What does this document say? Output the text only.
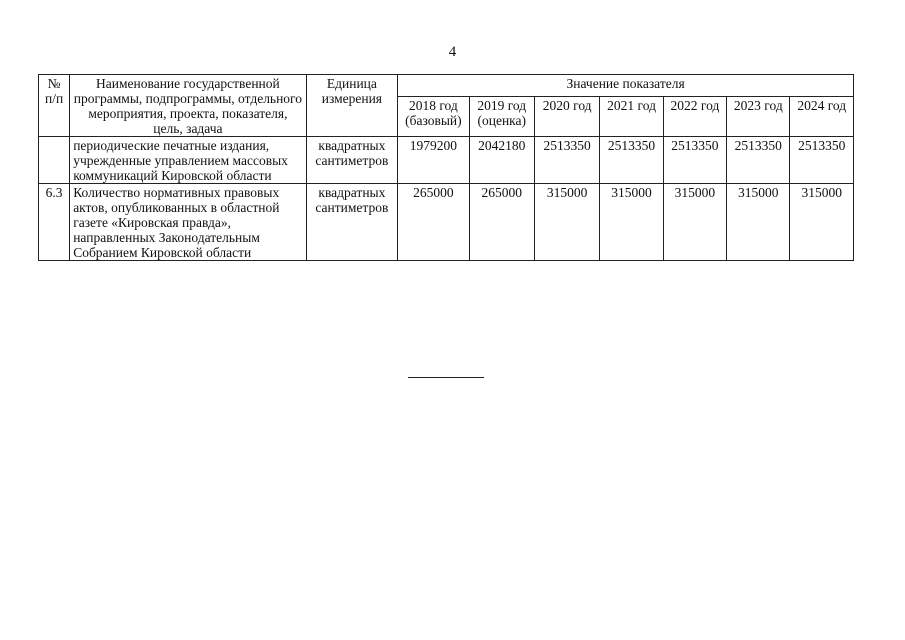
4
№ п/п	Наименование государственной программы, подпрограммы, отдельного мероприятия, проекта, показателя, цель, задача	Единица измерения	Значение показателя						
			2018 год (базовый)	2019 год (оценка)	2020 год	2021 год	2022 год	2023 год	2024 год
	периодические печатные издания, учрежденные управлением массовых коммуникаций Кировской области	квадратных сантиметров	1979200	2042180	2513350	2513350	2513350	2513350	2513350
6.3	Количество нормативных правовых актов, опубликованных в областной газете «Кировская правда», направленных Законодательным Собранием Кировской области	квадратных сантиметров	265000	265000	315000	315000	315000	315000	315000
